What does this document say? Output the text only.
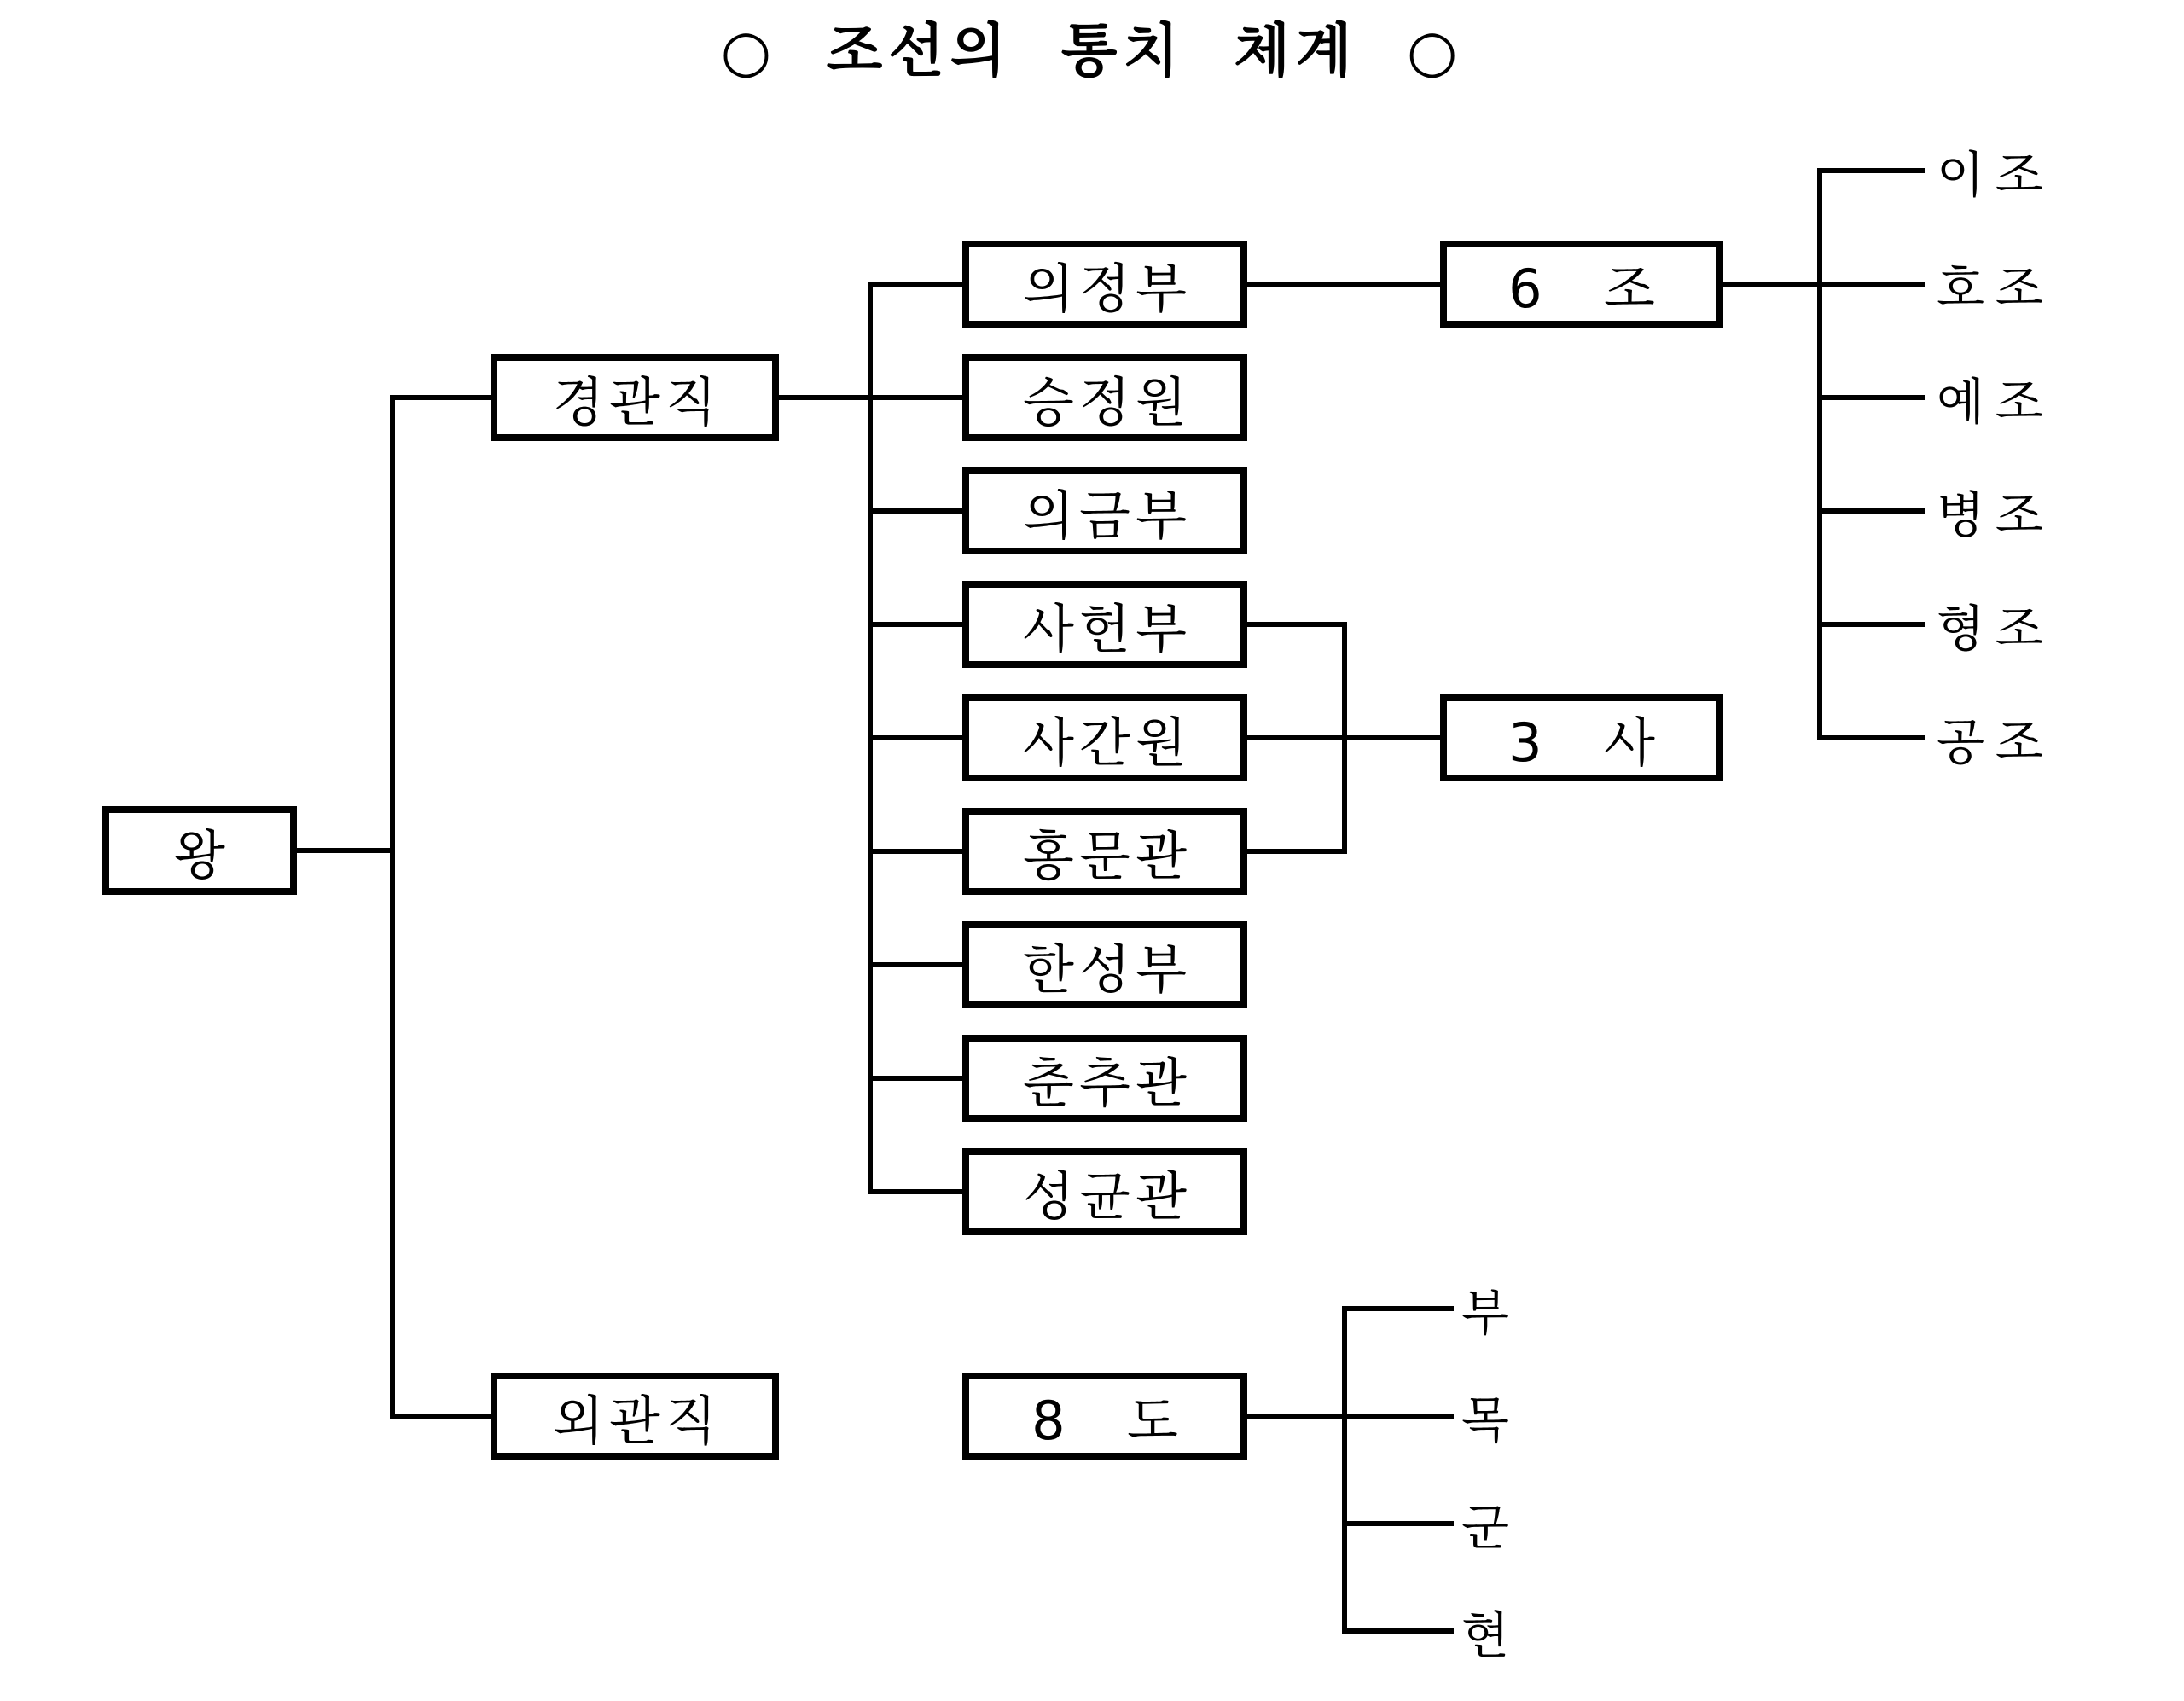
○ 조선의 통치 체계 ○
왕
경관직
외관직
의정부
승정원
의금부
사헌부
사간원
홍문관
한성부
춘추관
성균관
6 조
3 사
8 도
이조
호조
예조
병조
형조
공조
부
목
군
현
